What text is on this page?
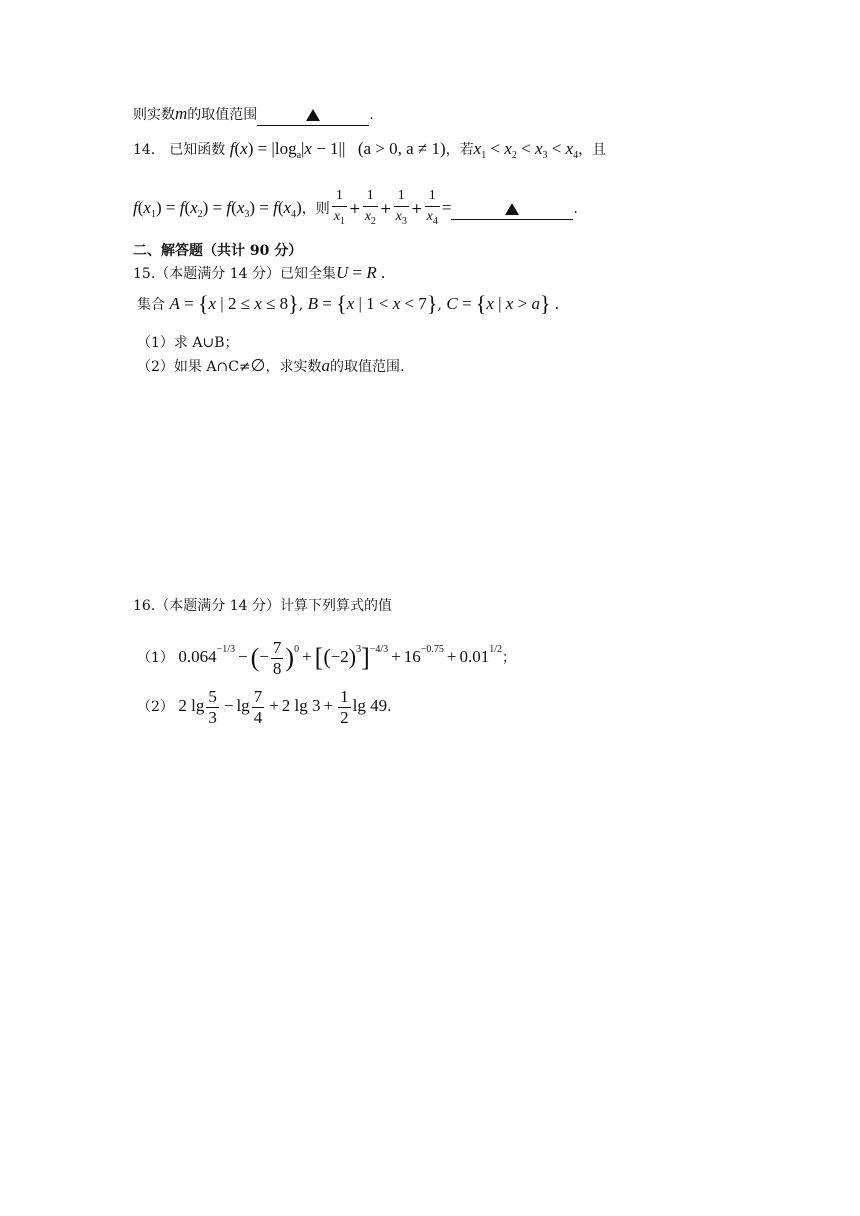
则实数m的取值范围	.
14． 已知函数 $f(x) = |\log_a|x - 1||$ (a > 0, a ≠ 1)，若$x_1 < x_2 < x_3 < x_4$，且
$f(x_1) = f(x_2) = f(x_3) = f(x_4)$，则 $\frac{1}{x_1} + \frac{1}{x_2} + \frac{1}{x_3} + \frac{1}{x_4}$ =	.
二、解答题（共计 90 分）
15.（本题满分 14 分）已知全集U = R .
集合 A = {x | 2 ≤ x ≤ 8}, B = {x | 1 < x < 7}, C = {x | x > a} .
（1）求 A∪B；
（2）如果 A∩C≠∅，求实数a的取值范围.
16.（本题满分 14 分）计算下列算式的值
（1） $0.064^{-1/3}$ − (− $\frac{7}{8} )^0 + [(-2)^3]^{-4/3} + 16^{-0.75} + 0.01^{1/2}$；
（2） 2 $\lg \frac{5}{3} - \lg \frac{7}{4} + 2$ $\lg 3 + \frac{1}{2}$ lg 49.
